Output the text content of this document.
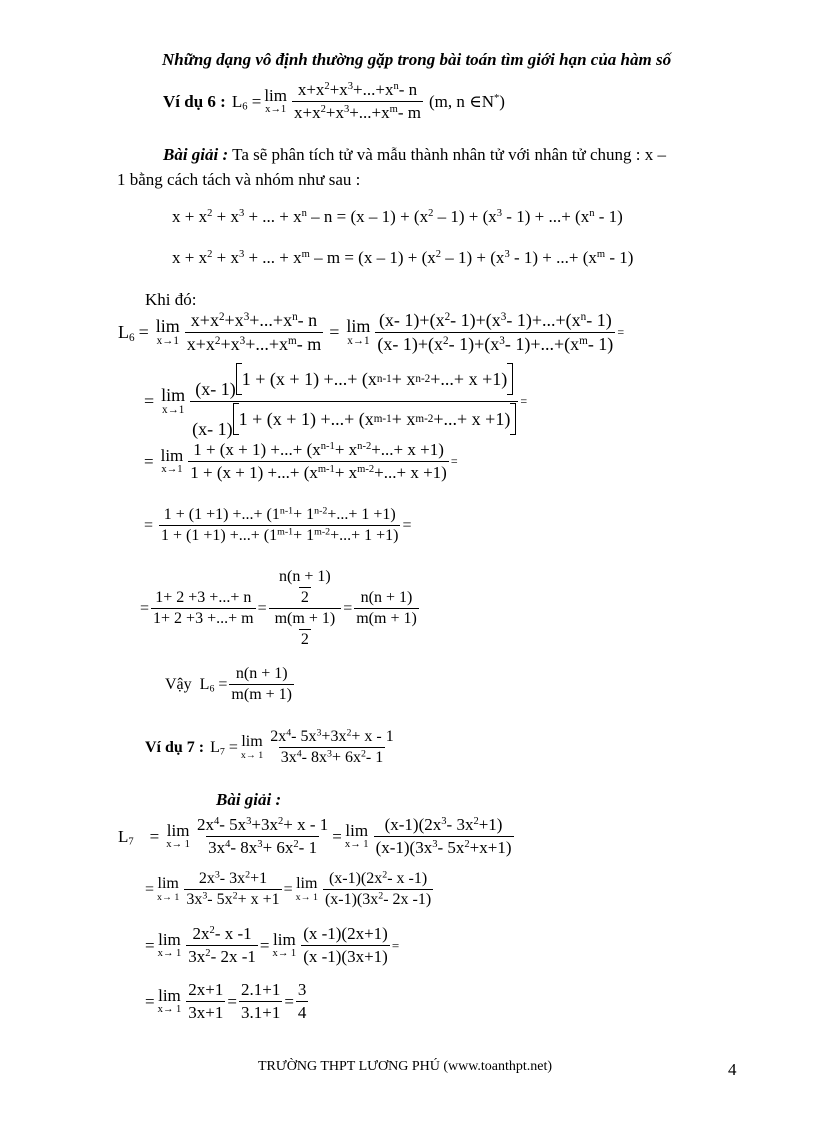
Những dạng vô định thường gặp trong bài toán tìm giới hạn của hàm số
Ví dụ 6 : $L_6 = \lim$
x→1
$x+x^2+x^3+...+x^n-$ n
$x+x^2+x^3+...+x^m-$ m
(m, n ∈N*)
Bài giải : Ta sẽ phân tích tử và mẫu thành nhân tử với nhân tử chung : x –
1 bằng cách tách và nhóm như sau :
$x + x^2 + x^3$ + ... + $x^n - n = (x - 1) + (x^2 - 1) + (x^3 - 1)$ + ...+ $(x^n - 1)$
$x + x^2 + x^3$ + ... + $x^m - m = (x - 1) + (x^2 - 1) + (x^3 - 1)$ + ...+ $(x^m - 1)$
Khi đó:
$L_6 = \lim$
$x\to 1 \frac{x+x^2+x^3+...+x^n- n}{x+x^2+x^3+...+x^m- m} = \lim$
$x\to 1 \frac{(x- 1)+(x^2- 1)+(x^3- 1)+...+(x^n- 1)}{(x- 1)+(x^2- 1)+(x^3- 1)+...+(x^m- 1)}$ =
= lim
x→1 (x- 1)
1 + (x + 1) +...+ (x n-1 + x n-2 +...+ x +1)
(x- 1)
1 + (x + 1) +...+ (x m-1 + x m-2 +...+ x +1) =
= lim
$x\to 1 \frac{1 + (x + 1) +...+ (x^{n-1}+ x^{n-2}+...+ x +1)}{1 + (x + 1) +...+ (x^{m-1}+ x^{m-2}+...+ x +1)}$ =
= $\frac{1 + (1 +1) +...+ (1^{n-1}+ 1^{n-2}+...+ 1 +1)}{1 + (1 +1) +...+ (1^{m-1}+ 1^{m-2}+...+ 1 +1)}$ =
= $\frac{1+ 2 +3 +...+ n}{1+ 2 +3 +...+ m} = \frac{\frac{n(n + 1)}{2}}{\frac{m(m + 1)}{2}} = \frac{n(n + 1)}{m(m + 1)}$
Vậy $L_6 = \frac{n(n + 1)}{m(m + 1)}$
Ví dụ 7 : $L_7 = \lim$
x→ 1
$2x^4-$ $5x^3+3x^2+ x - 1$
$3x^4-$ $8x^3+ 6x^2-$ 1
Bài giải :
$L_7 = \lim$
$x\to 1 \frac{2x^4- 5x^3+3x^2+ x - 1}{3x^4- 8x^3+ 6x^2- 1} = \lim$
x→ 1
$(x-1)(2x^3-$ $3x^2+1$)
$(x-1)(3x^3-$ $5x^2+x+1$)
= lim
$x\to 1 \frac{2x^3- 3x^2+1}{3x^3- 5x^2+ x +1} = \lim$
x→ 1
$(x-1)(2x^2-$ x -1)
$(x-1)(3x^2-$ 2x -1)
= lim
$x\to 1 \frac{2x^2- x -1}{3x^2- 2x -1} = \lim$
$x\to 1 \frac{(x -1)(2x+1)}{(x -1)(3x+1)}$ =
= lim
$x\to 1 \frac{2x+1}{3x+1} = \frac{2.1+1}{3.1+1} = \frac{3}{4}$
TRƯỜNG THPT LƯƠNG PHÚ (www.toanthpt.net)	4
